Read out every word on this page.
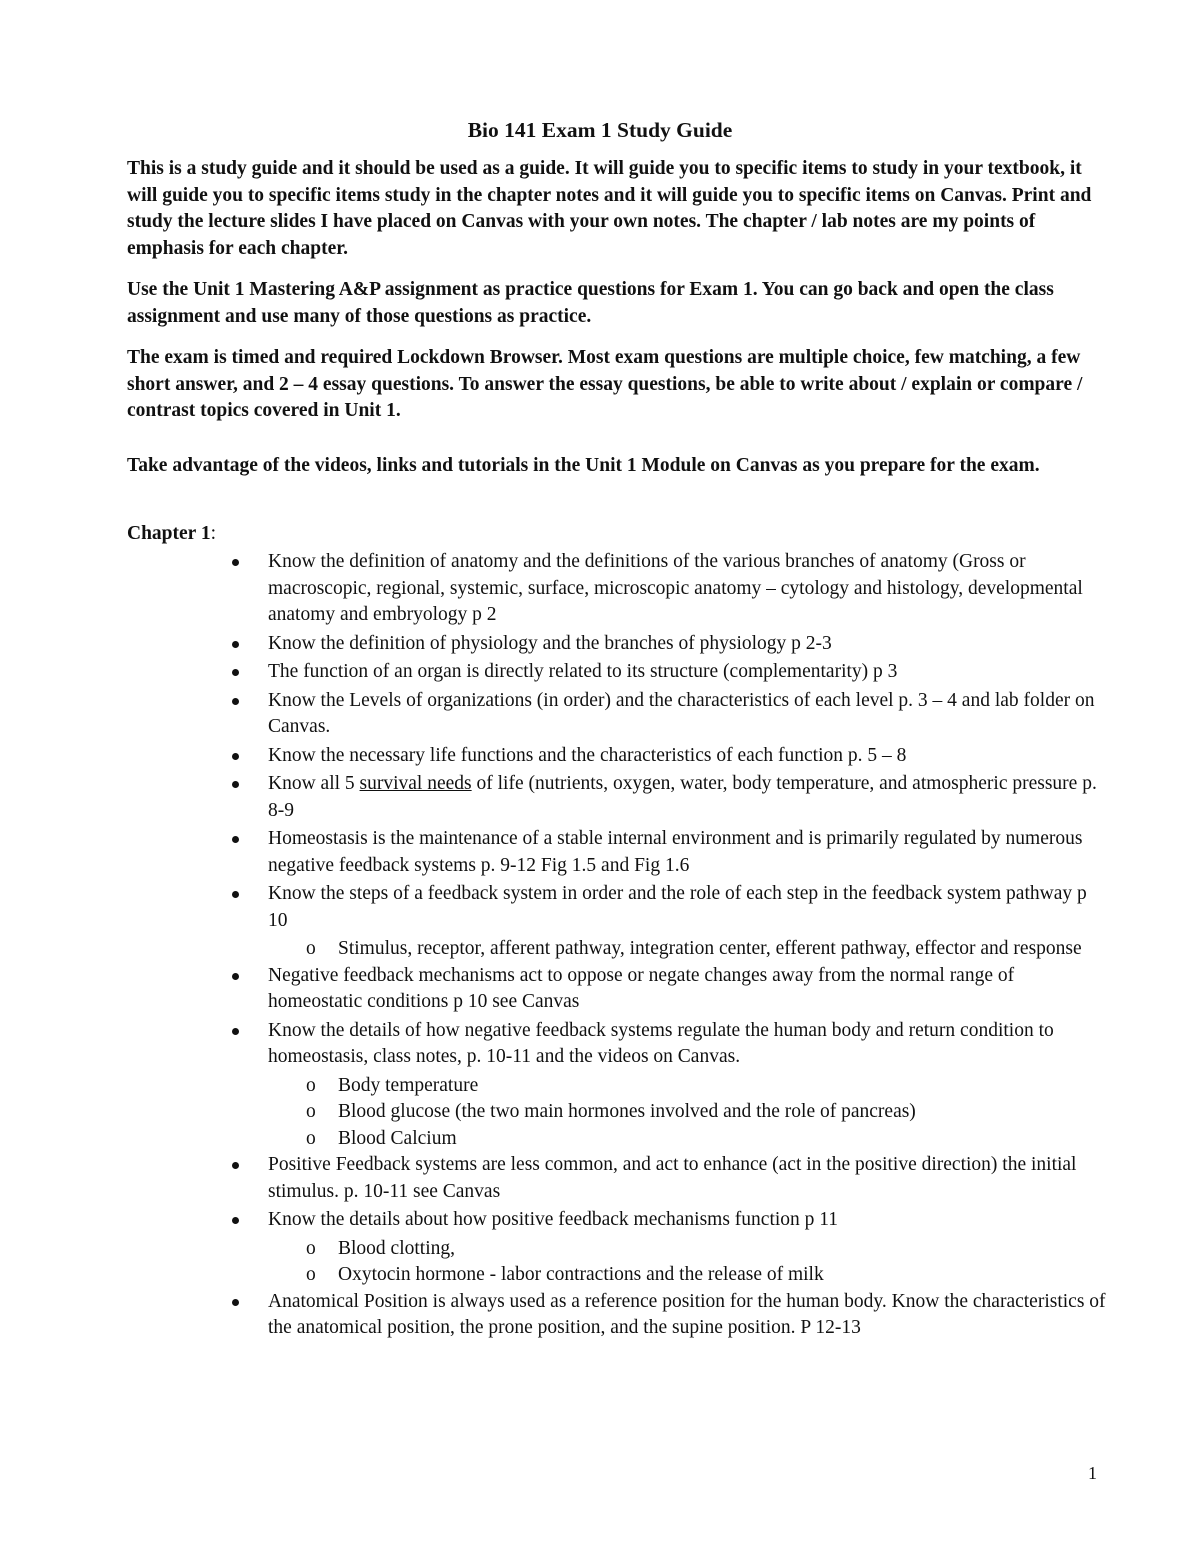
Bio 141 Exam 1 Study Guide
This is a study guide and it should be used as a guide. It will guide you to specific items to study in your textbook, it will guide you to specific items study in the chapter notes and it will guide you to specific items on Canvas. Print and study the lecture slides I have placed on Canvas with your own notes. The chapter / lab notes are my points of emphasis for each chapter.
Use the Unit 1 Mastering A&P assignment as practice questions for Exam 1. You can go back and open the class assignment and use many of those questions as practice.
The exam is timed and required Lockdown Browser. Most exam questions are multiple choice, few matching, a few short answer, and 2 – 4 essay questions. To answer the essay questions, be able to write about / explain or compare / contrast topics covered in Unit 1.
Take advantage of the videos, links and tutorials in the Unit 1 Module on Canvas as you prepare for the exam.
Chapter 1:
Know the definition of anatomy and the definitions of the various branches of anatomy (Gross or macroscopic, regional, systemic, surface, microscopic anatomy – cytology and histology, developmental anatomy and embryology p 2
Know the definition of physiology and the branches of physiology p 2-3
The function of an organ is directly related to its structure (complementarity) p 3
Know the Levels of organizations (in order) and the characteristics of each level p. 3 – 4 and lab folder on Canvas.
Know the necessary life functions and the characteristics of each function p. 5 – 8
Know all 5 survival needs of life (nutrients, oxygen, water, body temperature, and atmospheric pressure p. 8-9
Homeostasis is the maintenance of a stable internal environment and is primarily regulated by numerous negative feedback systems p. 9-12 Fig 1.5 and Fig 1.6
Know the steps of a feedback system in order and the role of each step in the feedback system pathway p 10
o Stimulus, receptor, afferent pathway, integration center, efferent pathway, effector and response
Negative feedback mechanisms act to oppose or negate changes away from the normal range of homeostatic conditions p 10 see Canvas
Know the details of how negative feedback systems regulate the human body and return condition to homeostasis, class notes, p. 10-11 and the videos on Canvas.
o Body temperature
o Blood glucose (the two main hormones involved and the role of pancreas)
o Blood Calcium
Positive Feedback systems are less common, and act to enhance (act in the positive direction) the initial stimulus. p. 10-11 see Canvas
Know the details about how positive feedback mechanisms function p 11
o Blood clotting,
o Oxytocin hormone - labor contractions and the release of milk
Anatomical Position is always used as a reference position for the human body. Know the characteristics of the anatomical position, the prone position, and the supine position. P 12-13
1
